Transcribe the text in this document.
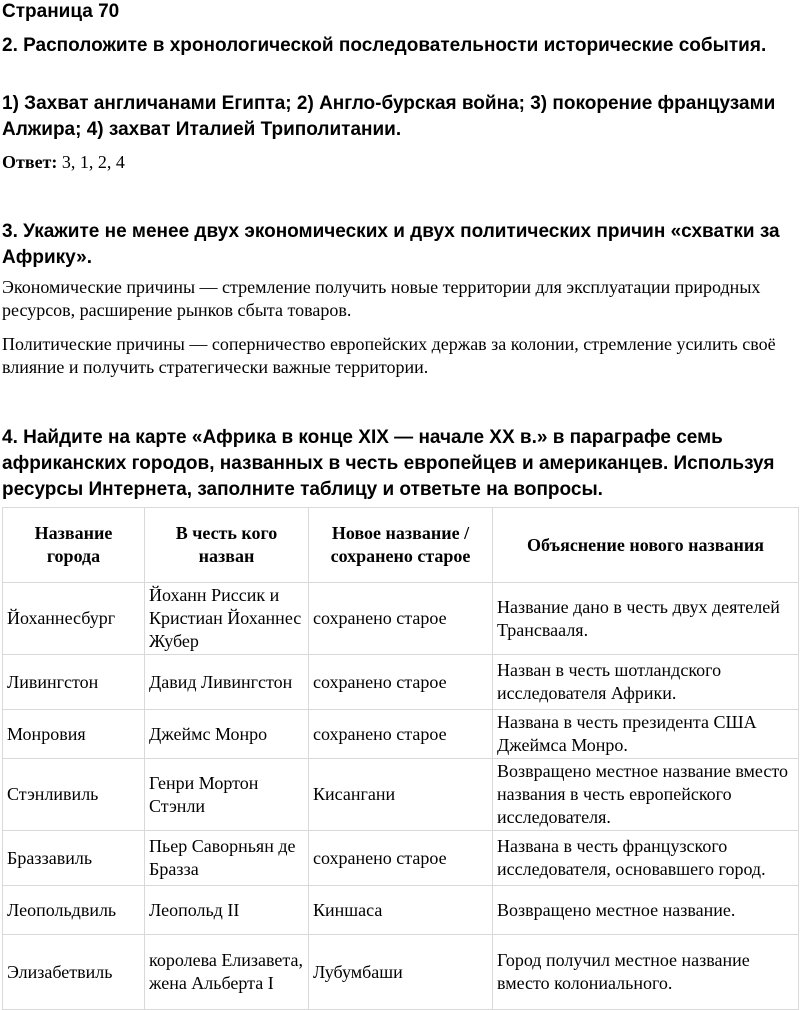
Страница 70

2. Расположите в хронологической последовательности исторические события.

1) Захват англичанами Египта; 2) Англо-бурская война; 3) покорение французами Алжира; 4) захват Италией Триполитании.

Ответ: 3, 1, 2, 4

3. Укажите не менее двух экономических и двух политических причин «схватки за Африку».

Экономические причины — стремление получить новые территории для эксплуатации природных ресурсов, расширение рынков сбыта товаров.

Политические причины — соперничество европейских держав за колонии, стремление усилить своё влияние и получить стратегически важные территории.

4. Найдите на карте «Африка в конце XIX — начале XX в.» в параграфе семь африканских городов, названных в честь европейцев и американцев. Используя ресурсы Интернета, заполните таблицу и ответьте на вопросы.

Название города	В честь кого назван	Новое название / сохранено старое	Объяснение нового названия
Йоханнесбург	Йоханн Риссик и Кристиан Йоханнес Жубер	сохранено старое	Название дано в честь двух деятелей Трансвааля.
Ливингстон	Давид Ливингстон	сохранено старое	Назван в честь шотландского исследователя Африки.
Монровия	Джеймс Монро	сохранено старое	Названа в честь президента США Джеймса Монро.
Стэнливиль	Генри Мортон Стэнли	Кисангани	Возвращено местное название вместо названия в честь европейского исследователя.
Браззавиль	Пьер Саворньян де Бразза	сохранено старое	Названа в честь французского исследователя, основавшего город.
Леопольдвиль	Леопольд II	Киншаса	Возвращено местное название.
Элизабетвиль	королева Елизавета, жена Альберта I	Лубумбаши	Город получил местное название вместо колониального.
